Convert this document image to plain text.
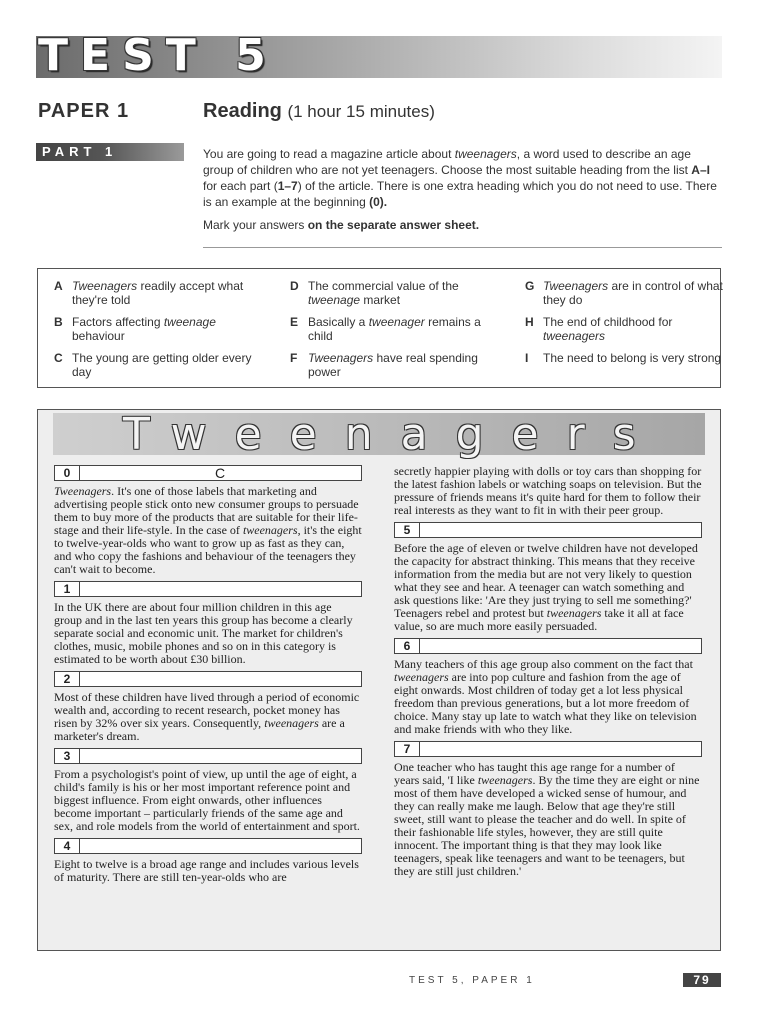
TEST 5
PAPER 1	Reading (1 hour 15 minutes)
PART 1	You are going to read a magazine article about tweenagers, a word used to describe an age group of children who are not yet teenagers. Choose the most suitable heading from the list A–I for each part (1–7) of the article. There is one extra heading which you do not need to use. There is an example at the beginning (0).

Mark your answers on the separate answer sheet.

A Tweenagers readily accept what they're told
B Factors affecting tweenage behaviour
C The young are getting older every day
D The commercial value of the tweenage market
E Basically a tweenager remains a child
F Tweenagers have real spending power
G Tweenagers are in control of what they do
H The end of childhood for tweenagers
I The need to belong is very strong
Tweenagers
0	C

Tweenagers. It's one of those labels that marketing and advertising people stick onto new consumer groups to persuade them to buy more of the products that are suitable for their life-stage and their life-style. In the case of tweenagers, it's the eight to twelve-year-olds who want to grow up as fast as they can, and who copy the fashions and behaviour of the teenagers they can't wait to become.

1

In the UK there are about four million children in this age group and in the last ten years this group has become a clearly separate social and economic unit. The market for children's clothes, music, mobile phones and so on in this category is estimated to be worth about £30 billion.

2

Most of these children have lived through a period of economic wealth and, according to recent research, pocket money has risen by 32% over six years. Consequently, tweenagers are a marketer's dream.

3

From a psychologist's point of view, up until the age of eight, a child's family is his or her most important reference point and biggest influence. From eight onwards, other influences become important – particularly friends of the same age and sex, and role models from the world of entertainment and sport.

4

Eight to twelve is a broad age range and includes various levels of maturity. There are still ten-year-olds who are

secretly happier playing with dolls or toy cars than shopping for the latest fashion labels or watching soaps on television. But the pressure of friends means it's quite hard for them to follow their real interests as they want to fit in with their peer group.

5

Before the age of eleven or twelve children have not developed the capacity for abstract thinking. This means that they receive information from the media but are not very likely to question what they see and hear. A teenager can watch something and ask questions like: 'Are they just trying to sell me something?' Teenagers rebel and protest but tweenagers take it all at face value, so are much more easily persuaded.

6

Many teachers of this age group also comment on the fact that tweenagers are into pop culture and fashion from the age of eight onwards. Most children of today get a lot less physical freedom than previous generations, but a lot more freedom of choice. Many stay up late to watch what they like on television and make friends with who they like.

7

One teacher who has taught this age range for a number of years said, 'I like tweenagers. By the time they are eight or nine most of them have developed a wicked sense of humour, and they can really make me laugh. Below that age they're still sweet, still want to please the teacher and do well. In spite of their fashionable life styles, however, they are still quite innocent. The important thing is that they may look like teenagers, speak like teenagers and want to be teenagers, but they are still just children.'

TEST 5, PAPER 1	79
